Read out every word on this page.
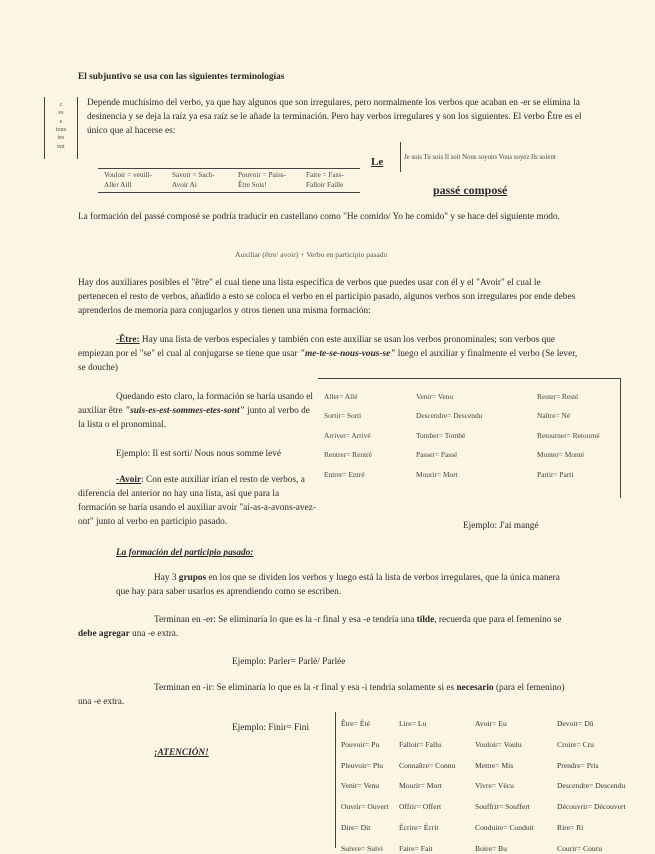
El subjuntivo se usa con las siguientes terminologías
c
es
e
tons
tes
ent

Depende muchísimo del verbo, ya que hay algunos que son irregulares, pero normalmente los verbos que acaban en -er se elimina la desinencia y se deja la raíz ya esa raíz se le añade la terminación. Pero hay verbos irregulares y son los siguientes. El verbo Être es el único que al hacerse es:

Vouloir = veuill-	Savoir = Sach-	Pouvoir = Puiss-	Faire = Fass-
Aller Aill	Avoir Ai	Être Sois!	Falloir Faille
Le	Je sois Tu sois Il soit Nous soyons Vous soyez Ils soient
passé composé

La formación del passé composé se podría traducir en castellano como "He comido/ Yo he comido" y se hace del siguiente modo.

Auxiliar (être/ avoir) + Verbo en participio pasado

Hay dos auxiliares posibles el "être" el cual tiene una lista específica de verbos que puedes usar con él y el "Avoir" el cual le pertenecen el resto de verbos, añadido a esto se coloca el verbo en el participio pasado, algunos verbos son irregulares por ende debes aprenderlos de memoria para conjugarlos y otros tienen una misma formación:

-Être: Hay una lista de verbos especiales y también con este auxiliar se usan los verbos pronominales; son verbos que empiezan por el "se" el cual al conjugarse se tiene que usar "me-te-se-nous-vous-se" luego el auxiliar y finalmente el verbo (Se lever, se douche)

Quedando esto claro, la formación se haría usando el auxiliar être "suis-es-est-sommes-etes-sont" junto al verbo de la lista o el pronominal.

Ejemplo: Il est sorti/ Nous nous somme levé
Aller= Allé	Venir= Venu	Rester= Resté
Sortir= Sorti	Descendre= Descendu	Naître= Né
Arriver= Arrivé	Tomber= Tombé	Retourner= Retourné
Rentrer= Rentré	Passer= Passé	Monter= Monté
Entrer= Entré	Mourir= Mort	Partir= Parti

-Avoir: Con este auxiliar irían el resto de verbos, a diferencia del anterior no hay una lista, así que para la formación se haría usando el auxiliar avoir "ai-as-a-avons-avez-ont" junto al verbo en participio pasado.	Ejemplo: J'ai mangé
La formación del participio pasado:

Hay 3 grupos en los que se dividen los verbos y luego está la lista de verbos irregulares, que la única manera que hay para saber usarlos es aprendiendo como se escriben.

Terminan en -er: Se eliminaría lo que es la -r final y esa -e tendría una tilde, recuerda que para el femenino se debe agregar una -e extra.

Ejemplo: Parler= Parlé/ Parlée

Terminan en -ir: Se eliminaría lo que es la -r final y esa -i tendría solamente si es necesario (para el femenino) una -e extra.

Ejemplo: Finir= Fini
¡ATENCIÓN!
Être= Été	Lire= Lu	Avoir= Eu	Devoir= Dû
Pouvoir= Pu	Falloir= Fallu	Vouloir= Voulu	Croire= Cru
Pleuvoir= Plu	Connaître= Connu	Mettre= Mis	Prendre= Pris
Venir= Venu	Mourir= Mort	Vivre= Vécu	Descendre= Descendu
Ouvrir= Ouvert	Offrir= Offert	Souffrir= Souffert	Découvrir= Découvert
Dire= Dit	Écrire= Écrit	Conduire= Conduit	Rire= Ri
Suivre= Suivi	Faire= Fait	Boire= Bu	Courir= Couru
